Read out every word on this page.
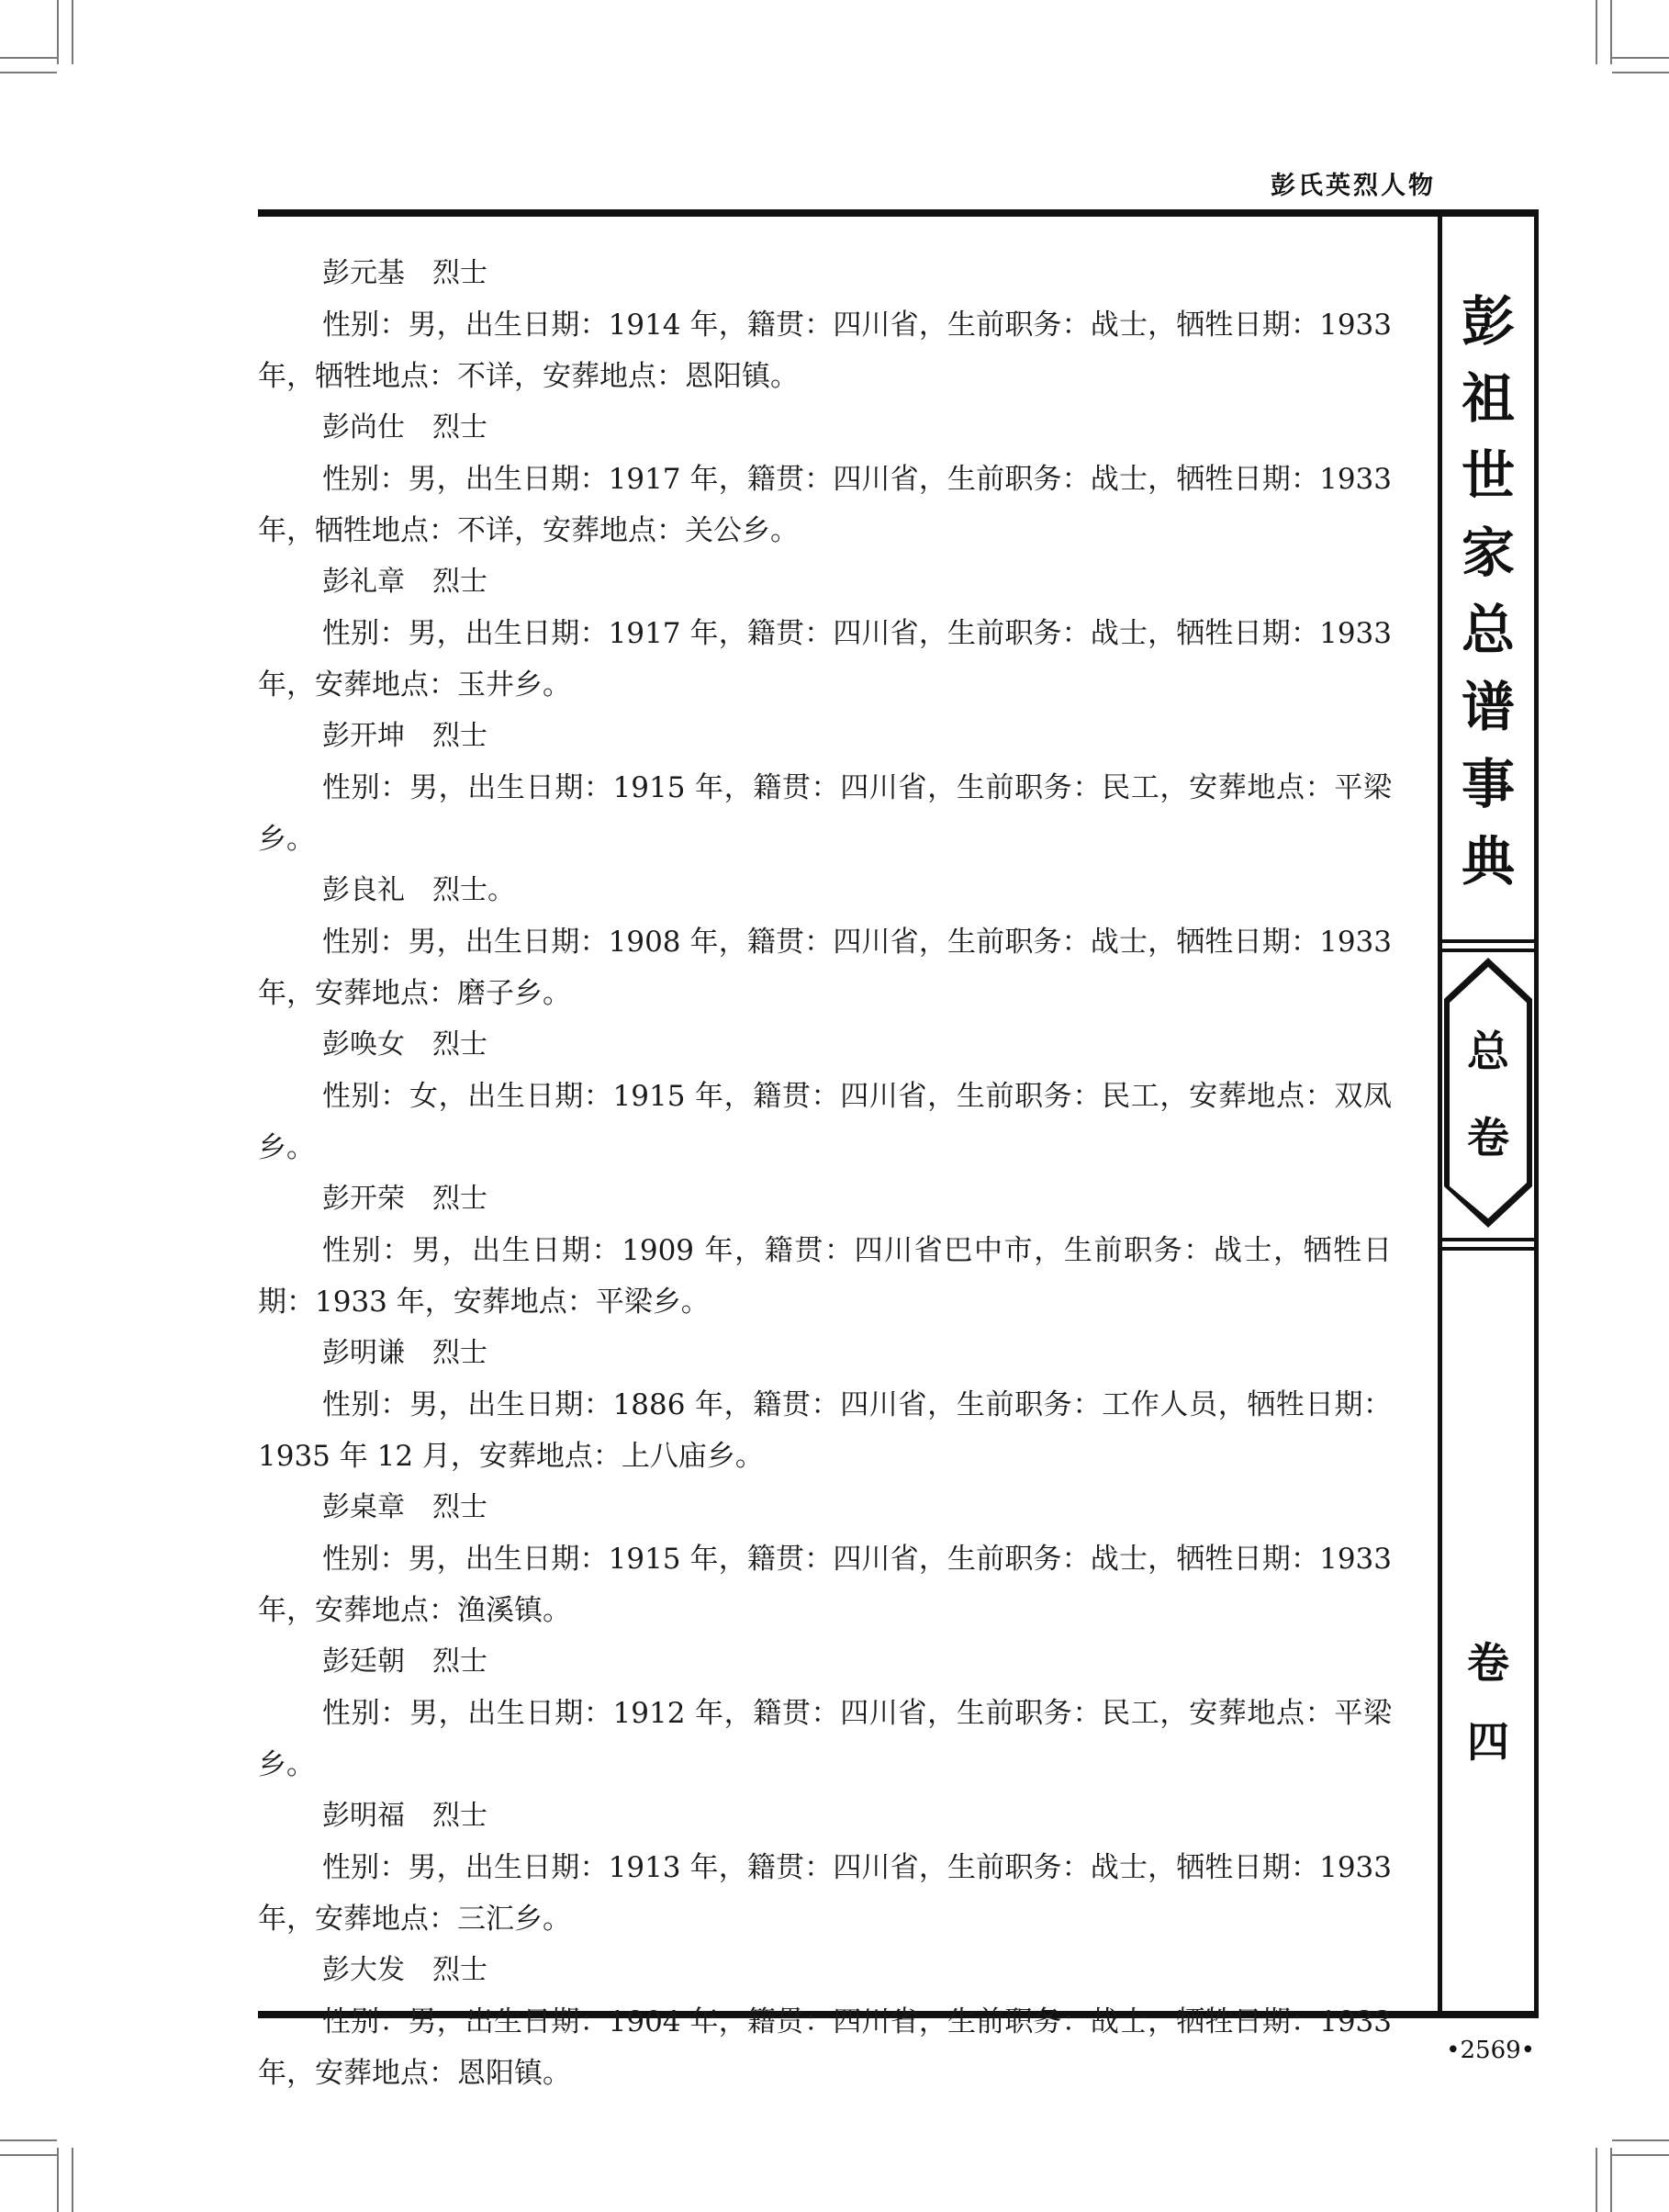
彭氏英烈人物

彭元基　烈士

性别：男，出生日期：1914 年，籍贯：四川省，生前职务：战士，牺牲日期：1933 年，牺牲地点：不详，安葬地点：恩阳镇。

彭尚仕　烈士

性别：男，出生日期：1917 年，籍贯：四川省，生前职务：战士，牺牲日期：1933 年，牺牲地点：不详，安葬地点：关公乡。

彭礼章　烈士

性别：男，出生日期：1917 年，籍贯：四川省，生前职务：战士，牺牲日期：1933 年，安葬地点：玉井乡。

彭开坤　烈士

性别：男，出生日期：1915 年，籍贯：四川省，生前职务：民工，安葬地点：平梁乡。

彭良礼　烈士。

性别：男，出生日期：1908 年，籍贯：四川省，生前职务：战士，牺牲日期：1933 年，安葬地点：磨子乡。

彭唤女　烈士

性别：女，出生日期：1915 年，籍贯：四川省，生前职务：民工，安葬地点：双凤乡。

彭开荣　烈士

性别：男，出生日期：1909 年，籍贯：四川省巴中市，生前职务：战士，牺牲日期：1933 年，安葬地点：平梁乡。

彭明谦　烈士

性别：男，出生日期：1886 年，籍贯：四川省，生前职务：工作人员，牺牲日期：1935 年 12 月，安葬地点：上八庙乡。

彭桌章　烈士

性别：男，出生日期：1915 年，籍贯：四川省，生前职务：战士，牺牲日期：1933 年，安葬地点：渔溪镇。

彭廷朝　烈士

性别：男，出生日期：1912 年，籍贯：四川省，生前职务：民工，安葬地点：平梁乡。

彭明福　烈士

性别：男，出生日期：1913 年，籍贯：四川省，生前职务：战士，牺牲日期：1933 年，安葬地点：三汇乡。

彭大发　烈士

性别：男，出生日期：1904 年，籍贯：四川省，生前职务：战士，牺牲日期：1933 年，安葬地点：恩阳镇。

彭
祖
世
家
总
谱
事
典
总
卷
卷
四
•2569•
